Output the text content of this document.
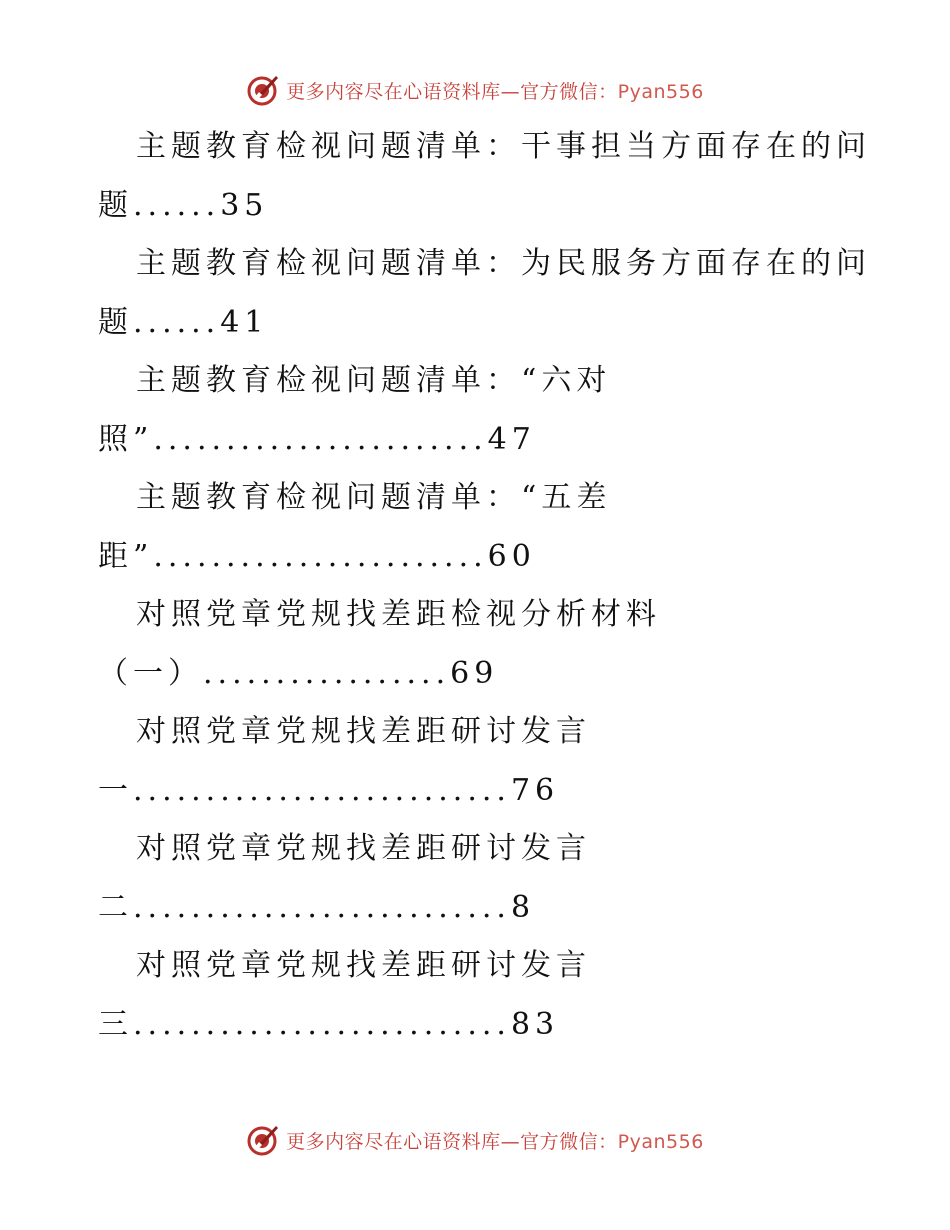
更多内容尽在心语资料库—官方微信：Pyan556
主题教育检视问题清单：干事担当方面存在的问
题......35
主题教育检视问题清单：为民服务方面存在的问
题......41
主题教育检视问题清单：“六对
照”.......................47
主题教育检视问题清单：“五差
距”.......................60
对照党章党规找差距检视分析材料
（一）.................69
对照党章党规找差距研讨发言
一..........................76
对照党章党规找差距研讨发言
二..........................8
对照党章党规找差距研讨发言
三..........................83
更多内容尽在心语资料库—官方微信：Pyan556
